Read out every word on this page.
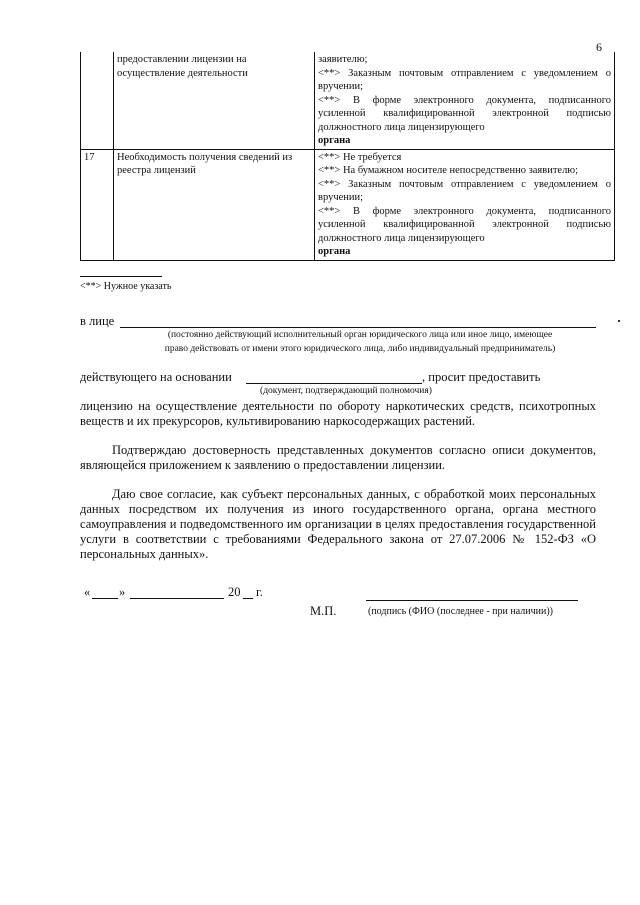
6
	предоставлении лицензии на осуществление деятельности	заявителю;
<**> Заказным почтовым отправлением с уведомлением о вручении;
<**> В форме электронного документа, подписанного усиленной квалифицированной электронной подписью должностного лица лицензирующего
органа

17	Необходимость получения сведений из реестра лицензий	<**> Не требуется
<**> На бумажном носителе непосредственно заявителю;
<**> Заказным почтовым отправлением с уведомлением о вручении;
<**> В форме электронного документа, подписанного усиленной квалифицированной электронной подписью должностного лица лицензирующего
органа
<**> Нужное указать
в лице
(постоянно действующий исполнительный орган юридического лица или иное лицо, имеющее
право действовать от имени этого юридического лица, либо индивидуальный предприниматель)
действующего на основании	, просит предоставить
(документ, подтверждающий полномочия)
лицензию на осуществление деятельности по обороту наркотических средств, психотропных веществ и их прекурсоров, культивированию наркосодержащих растений.
Подтверждаю достоверность представленных документов согласно описи документов, являющейся приложением к заявлению о предоставлении лицензии.
Даю свое согласие, как субъект персональных данных, с обработкой моих персональных данных посредством их получения из иного государственного органа, органа местного самоуправления и подведомственного им организации в целях предоставления государственной услуги в соответствии с требованиями Федерального закона от 27.07.2006 № 152-ФЗ «О персональных данных».
« »	20 г.
М.П.	(подпись (ФИО (последнее - при наличии))
